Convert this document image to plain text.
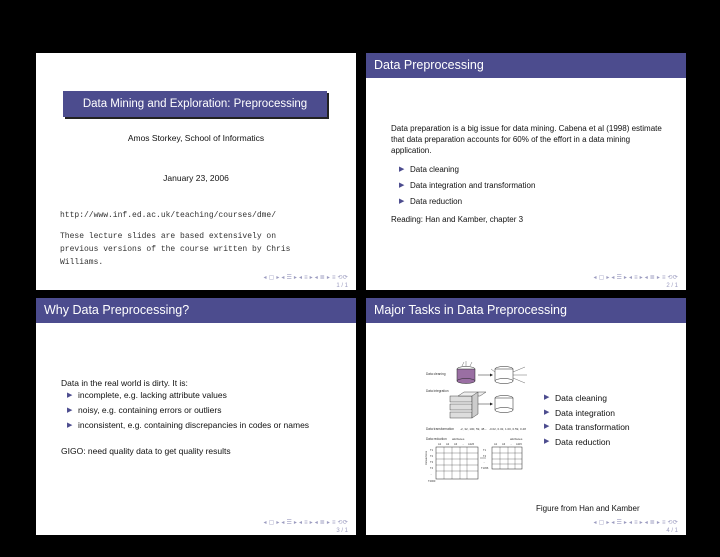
Data Mining and Exploration: Preprocessing
Amos Storkey, School of Informatics
January 23, 2006
http://www.inf.ed.ac.uk/teaching/courses/dme/
These lecture slides are based extensively on
previous versions of the course written by Chris
Williams.
◂ ▢ ▸ ◂ ☰ ▸ ◂ ≡ ▸ ◂ ≣ ▸ ≡ ⟲⟳
1 / 1
Data Preprocessing
Data preparation is a big issue for data mining. Cabena et al (1998) estimate that data preparation accounts for 60% of the effort in a data mining application.
▶ Data cleaning
▶ Data integration and transformation
▶ Data reduction
Reading: Han and Kamber, chapter 3
◂ ▢ ▸ ◂ ☰ ▸ ◂ ≡ ▸ ◂ ≣ ▸ ≡ ⟲⟳
2 / 1
Why Data Preprocessing?
Data in the real world is dirty. It is:
▶ incomplete, e.g. lacking attribute values
▶ noisy, e.g. containing errors or outliers
▶ inconsistent, e.g. containing discrepancies in codes or names
GIGO: need quality data to get quality results
◂ ▢ ▸ ◂ ☰ ▸ ◂ ≡ ▸ ◂ ≣ ▸ ≡ ⟲⟳
3 / 1
Major Tasks in Data Preprocessing
Data cleaning
Data integration
Data transformation -2, 32, 100, 59, 48 → -0.02, 0.32, 1.00, 0.59, 0.48
Data reduction attributes	attributes
A1 A2 A3 ... A126	A1 A3 ... A115
T1
T2
T3
T4
...
T2000
T1
T4
...
T1456
transactions
▶ Data cleaning
▶ Data integration
▶ Data transformation
▶ Data reduction
Figure from Han and Kamber
◂ ▢ ▸ ◂ ☰ ▸ ◂ ≡ ▸ ◂ ≣ ▸ ≡ ⟲⟳
4 / 1
